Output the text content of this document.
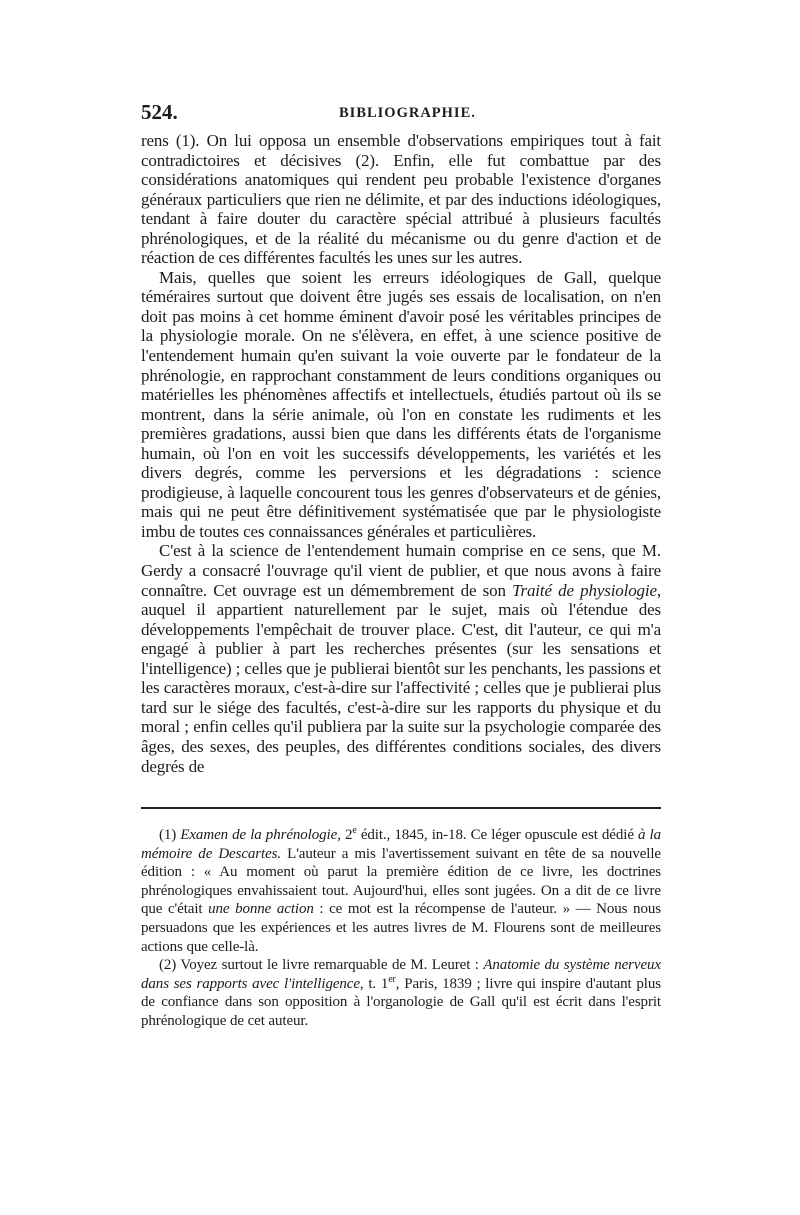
524.	BIBLIOGRAPHIE.

rens (1). On lui opposa un ensemble d'observations empiriques tout à fait contradictoires et décisives (2). Enfin, elle fut combattue par des considérations anatomiques qui rendent peu probable l'existence d'organes généraux particuliers que rien ne délimite, et par des inductions idéologiques, tendant à faire douter du caractère spécial attribué à plusieurs facultés phrénologiques, et de la réalité du mécanisme ou du genre d'action et de réaction de ces différentes facultés les unes sur les autres.

Mais, quelles que soient les erreurs idéologiques de Gall, quelque téméraires surtout que doivent être jugés ses essais de localisation, on n'en doit pas moins à cet homme éminent d'avoir posé les véritables principes de la physiologie morale. On ne s'élèvera, en effet, à une science positive de l'entendement humain qu'en suivant la voie ouverte par le fondateur de la phrénologie, en rapprochant constamment de leurs conditions organiques ou matérielles les phénomènes affectifs et intellectuels, étudiés partout où ils se montrent, dans la série animale, où l'on en constate les rudiments et les premières gradations, aussi bien que dans les différents états de l'organisme humain, où l'on en voit les successifs développements, les variétés et les divers degrés, comme les perversions et les dégradations : science prodigieuse, à laquelle concourent tous les genres d'observateurs et de génies, mais qui ne peut être définitivement systématisée que par le physiologiste imbu de toutes ces connaissances générales et particulières.

C'est à la science de l'entendement humain comprise en ce sens, que M. Gerdy a consacré l'ouvrage qu'il vient de publier, et que nous avons à faire connaître. Cet ouvrage est un démembrement de son Traité de physiologie, auquel il appartient naturellement par le sujet, mais où l'étendue des développements l'empêchait de trouver place. C'est, dit l'auteur, ce qui m'a engagé à publier à part les recherches présentes (sur les sensations et l'intelligence) ; celles que je publierai bientôt sur les penchants, les passions et les caractères moraux, c'est-à-dire sur l'affectivité ; celles que je publierai plus tard sur le siége des facultés, c'est-à-dire sur les rapports du physique et du moral ; enfin celles qu'il publiera par la suite sur la psychologie comparée des âges, des sexes, des peuples, des différentes conditions sociales, des divers degrés de

(1) Examen de la phrénologie, 2e édit., 1845, in-18. Ce léger opuscule est dédié à la mémoire de Descartes. L'auteur a mis l'avertissement suivant en tête de sa nouvelle édition : « Au moment où parut la première édition de ce livre, les doctrines phrénologiques envahissaient tout. Aujourd'hui, elles sont jugées. On a dit de ce livre que c'était une bonne action : ce mot est la récompense de l'auteur. » — Nous nous persuadons que les expériences et les autres livres de M. Flourens sont de meilleures actions que celle-là.

(2) Voyez surtout le livre remarquable de M. Leuret : Anatomie du système nerveux dans ses rapports avec l'intelligence, t. 1er, Paris, 1839 ; livre qui inspire d'autant plus de confiance dans son opposition à l'organologie de Gall qu'il est écrit dans l'esprit phrénologique de cet auteur.
